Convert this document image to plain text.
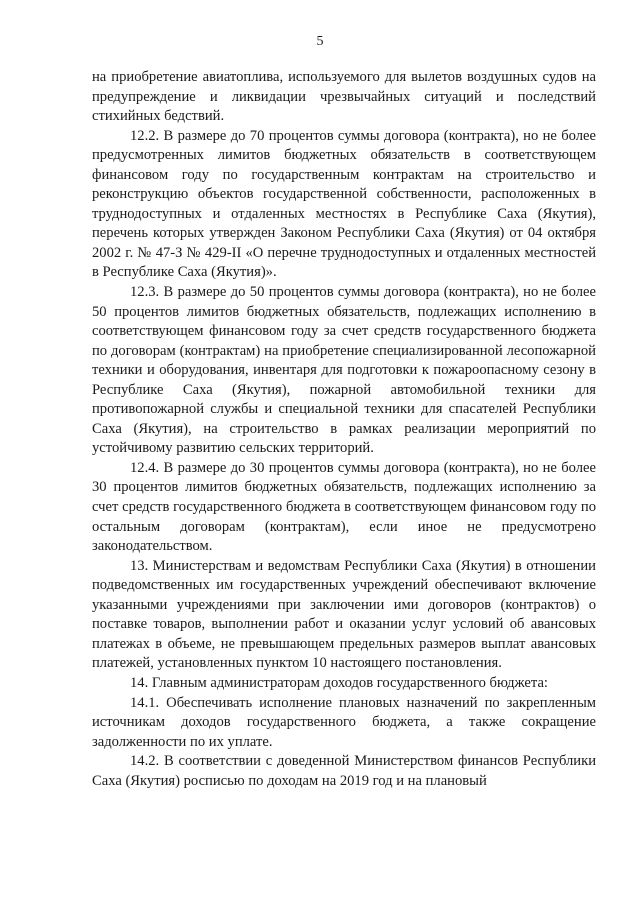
5

на приобретение авиатоплива, используемого для вылетов воздушных судов на предупреждение и ликвидации чрезвычайных ситуаций и последствий стихийных бедствий.

12.2. В размере до 70 процентов суммы договора (контракта), но не более предусмотренных лимитов бюджетных обязательств в соответствующем финансовом году по государственным контрактам на строительство и реконструкцию объектов государственной собственности, расположенных в труднодоступных и отдаленных местностях в Республике Саха (Якутия), перечень которых утвержден Законом Республики Саха (Якутия) от 04 октября 2002 г. № 47-З № 429-II «О перечне труднодоступных и отдаленных местностей в Республике Саха (Якутия)».

12.3. В размере до 50 процентов суммы договора (контракта), но не более 50 процентов лимитов бюджетных обязательств, подлежащих исполнению в соответствующем финансовом году за счет средств государственного бюджета по договорам (контрактам) на приобретение специализированной лесопожарной техники и оборудования, инвентаря для подготовки к пожароопасному сезону в Республике Саха (Якутия), пожарной автомобильной техники для противопожарной службы и специальной техники для спасателей Республики Саха (Якутия), на строительство в рамках реализации мероприятий по устойчивому развитию сельских территорий.

12.4. В размере до 30 процентов суммы договора (контракта), но не более 30 процентов лимитов бюджетных обязательств, подлежащих исполнению за счет средств государственного бюджета в соответствующем финансовом году по остальным договорам (контрактам), если иное не предусмотрено законодательством.

13. Министерствам и ведомствам Республики Саха (Якутия) в отношении подведомственных им государственных учреждений обеспечивают включение указанными учреждениями при заключении ими договоров (контрактов) о поставке товаров, выполнении работ и оказании услуг условий об авансовых платежах в объеме, не превышающем предельных размеров выплат авансовых платежей, установленных пунктом 10 настоящего постановления.

14. Главным администраторам доходов государственного бюджета:

14.1. Обеспечивать исполнение плановых назначений по закрепленным источникам доходов государственного бюджета, а также сокращение задолженности по их уплате.

14.2. В соответствии с доведенной Министерством финансов Республики Саха (Якутия) росписью по доходам на 2019 год и на плановый
